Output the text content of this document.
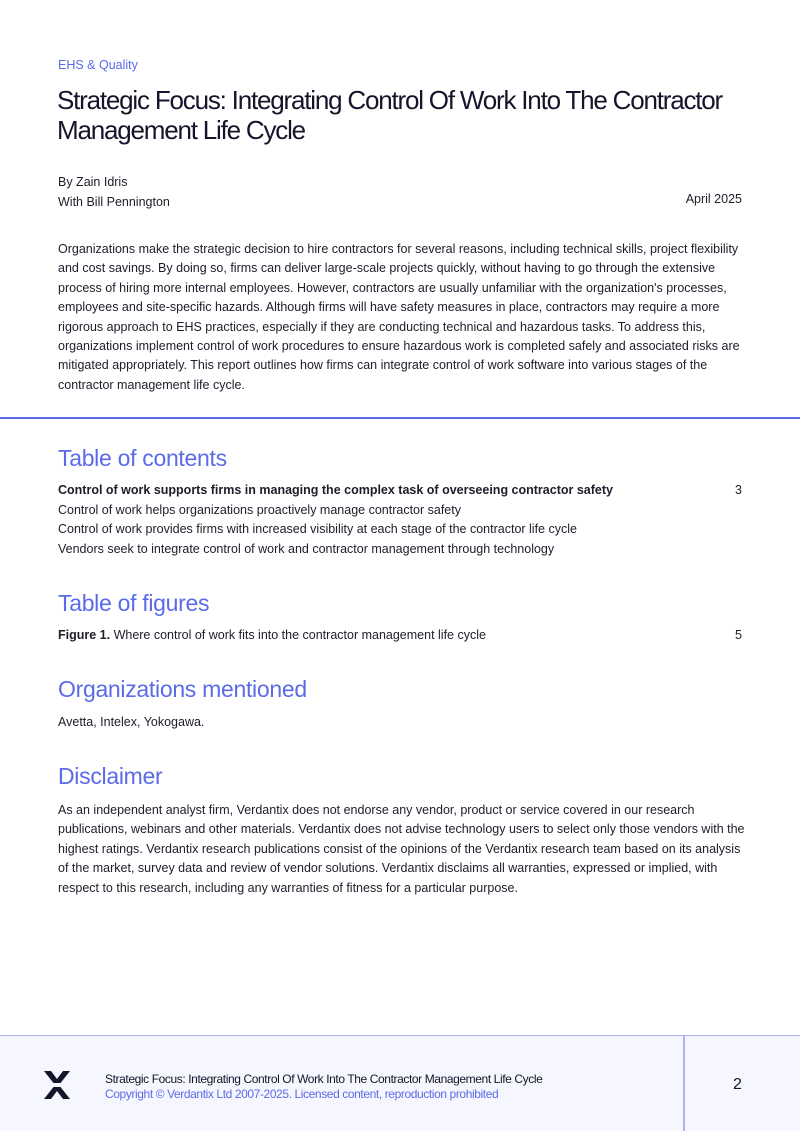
EHS & Quality
Strategic Focus: Integrating Control Of Work Into The Contractor Management Life Cycle
By Zain Idris
With Bill Pennington	April 2025

Organizations make the strategic decision to hire contractors for several reasons, including technical skills, project flexibility and cost savings. By doing so, firms can deliver large-scale projects quickly, without having to go through the extensive process of hiring more internal employees. However, contractors are usually unfamiliar with the organization's processes, employees and site-specific hazards. Although firms will have safety measures in place, contractors may require a more rigorous approach to EHS practices, especially if they are conducting technical and hazardous tasks. To address this, organizations implement control of work procedures to ensure hazardous work is completed safely and associated risks are mitigated appropriately. This report outlines how firms can integrate control of work software into various stages of the contractor management life cycle.

Table of contents
Control of work supports firms in managing the complex task of overseeing contractor safety	3
Control of work helps organizations proactively manage contractor safety
Control of work provides firms with increased visibility at each stage of the contractor life cycle
Vendors seek to integrate control of work and contractor management through technology
Table of figures
Figure 1. Where control of work fits into the contractor management life cycle	5
Organizations mentioned

Avetta, Intelex, Yokogawa.

Disclaimer

As an independent analyst firm, Verdantix does not endorse any vendor, product or service covered in our research publications, webinars and other materials. Verdantix does not advise technology users to select only those vendors with the highest ratings. Verdantix research publications consist of the opinions of the Verdantix research team based on its analysis of the market, survey data and review of vendor solutions. Verdantix disclaims all warranties, expressed or implied, with respect to this research, including any warranties of fitness for a particular purpose.

Strategic Focus: Integrating Control Of Work Into The Contractor Management Life Cycle
Copyright © Verdantix Ltd 2007-2025. Licensed content, reproduction prohibited
2
